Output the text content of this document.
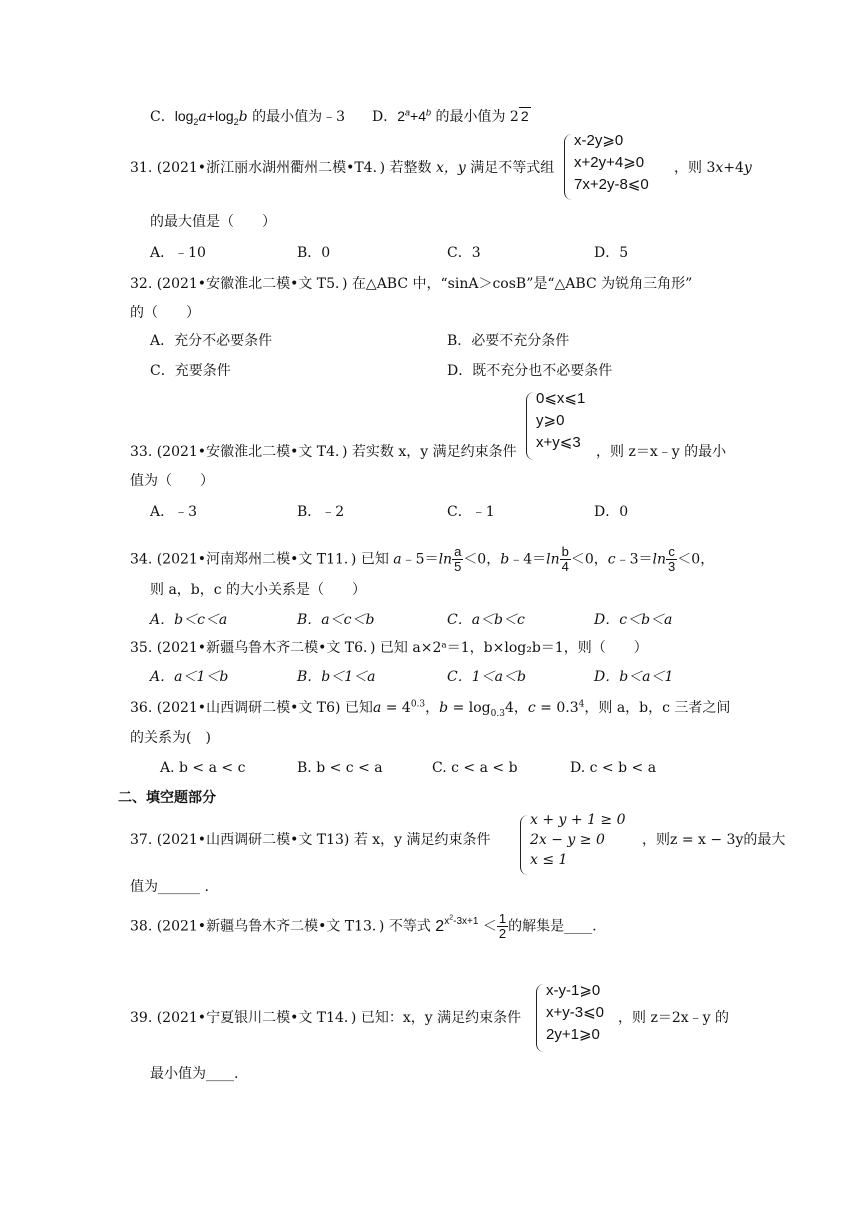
C．$\log_2a+\log_2b$ 的最小值为﹣3 D．$2^a+4^b$ 的最小值为 2 2
31. (2021•浙江丽水湖州衢州二模•T4．) 若整数 x，y 满足不等式组
x-2y⩾0
x+2y+4⩾0
7x+2y-8⩽0
，则 3x+4y
的最大值是（　　）
A．﹣10	B．0	C．3	D．5
32. (2021•安徽淮北二模•文 T5．) 在△ABC 中，“sinA＞cosB”是“△ABC 为锐角三角形”
的（　　）
A．充分不必要条件	B．必要不充分条件
C．充要条件	D．既不充分也不必要条件
33. (2021•安徽淮北二模•文 T4．) 若实数 x，y 满足约束条件
0⩽x⩽1
y⩾0
x+y⩽3
，则 z＝x﹣y 的最小
值为（　　）
A．﹣3	B．﹣2	C．﹣1	D．0
34. (2021•河南郑州二模•文 T11．) 已知 a﹣5＝ln $\frac{a}{5} <0$，b﹣4＝ln $\frac{b}{4} <0$，c﹣3＝ln $\frac{c}{3} <0$，
则 a，b，c 的大小关系是（　　）
A．b＜c＜a	B．a＜c＜b	C．a＜b＜c	D．c＜b＜a
35. (2021•新疆乌鲁木齐二模•文 T6．) 已知 a×2ᵃ＝1，b×log₂b＝1，则（　　）
A．a＜1＜b	B．b＜1＜a	C．1＜a＜b	D．b＜a＜1
36. (2021•山西调研二模•文 T6) 已知$a = 4^{0.3}$，$b = \log_{0.3}4$，$c = 0.3^4$，则 a，b，c 三者之间
的关系为(　)
A. b < a < c	B. b < c < a	C. c < a < b	D. c < b < a
二、填空题部分
37. (2021•山西调研二模•文 T13) 若 x，y 满足约束条件
x + y + 1 ≥ 0
2x − y ≥ 0
x ≤ 1
，则z = x − 3y的最大
值为______ .
38. (2021•新疆乌鲁木齐二模•文 T13．) 不等式 $2^{x^2-3x+1} < \frac{1}{2}$ 的解集是____.
39. (2021•宁夏银川二模•文 T14．) 已知：x，y 满足约束条件
x-y-1⩾0
x+y-3⩽0
2y+1⩾0
，则 z＝2x﹣y 的
最小值为____.
